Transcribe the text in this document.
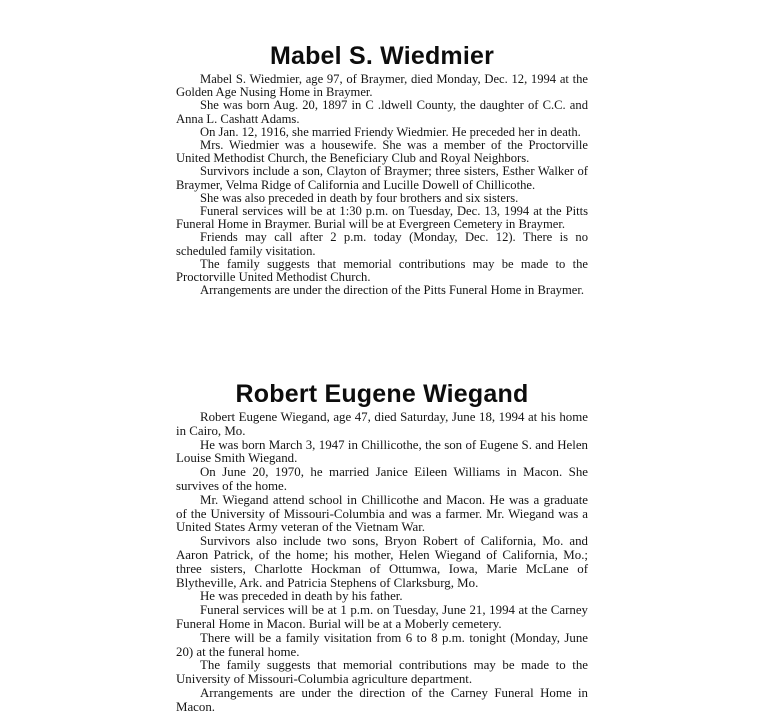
Mabel S. Wiedmier

Mabel S. Wiedmier, age 97, of Braymer, died Monday, Dec. 12, 1994 at the Golden Age Nusing Home in Braymer.

She was born Aug. 20, 1897 in C .ldwell County, the daughter of C.C. and Anna L. Cashatt Adams.

On Jan. 12, 1916, she married Friendy Wiedmier. He preceded her in death.

Mrs. Wiedmier was a housewife. She was a member of the Proctorville United Methodist Church, the Beneficiary Club and Royal Neighbors.

Survivors include a son, Clayton of Braymer; three sisters, Esther Walker of Braymer, Velma Ridge of California and Lucille Dowell of Chillicothe.

She was also preceded in death by four brothers and six sisters.

Funeral services will be at 1:30 p.m. on Tuesday, Dec. 13, 1994 at the Pitts Funeral Home in Braymer. Burial will be at Evergreen Cemetery in Braymer.

Friends may call after 2 p.m. today (Monday, Dec. 12). There is no scheduled family visitation.

The family suggests that memorial contributions may be made to the Proctorville United Methodist Church.

Arrangements are under the direction of the Pitts Funeral Home in Braymer.

Robert Eugene Wiegand

Robert Eugene Wiegand, age 47, died Saturday, June 18, 1994 at his home in Cairo, Mo.

He was born March 3, 1947 in Chillicothe, the son of Eugene S. and Helen Louise Smith Wiegand.

On June 20, 1970, he married Janice Eileen Williams in Macon. She survives of the home.

Mr. Wiegand attend school in Chillicothe and Macon. He was a graduate of the University of Missouri-Columbia and was a farmer. Mr. Wiegand was a United States Army veteran of the Vietnam War.

Survivors also include two sons, Bryon Robert of California, Mo. and Aaron Patrick, of the home; his mother, Helen Wiegand of California, Mo.; three sisters, Charlotte Hockman of Ottumwa, Iowa, Marie McLane of Blytheville, Ark. and Patricia Stephens of Clarksburg, Mo.

He was preceded in death by his father.

Funeral services will be at 1 p.m. on Tuesday, June 21, 1994 at the Carney Funeral Home in Macon. Burial will be at a Moberly cemetery.

There will be a family visitation from 6 to 8 p.m. tonight (Monday, June 20) at the funeral home.

The family suggests that memorial contributions may be made to the University of Missouri-Columbia agriculture department.

Arrangements are under the direction of the Carney Funeral Home in Macon.
